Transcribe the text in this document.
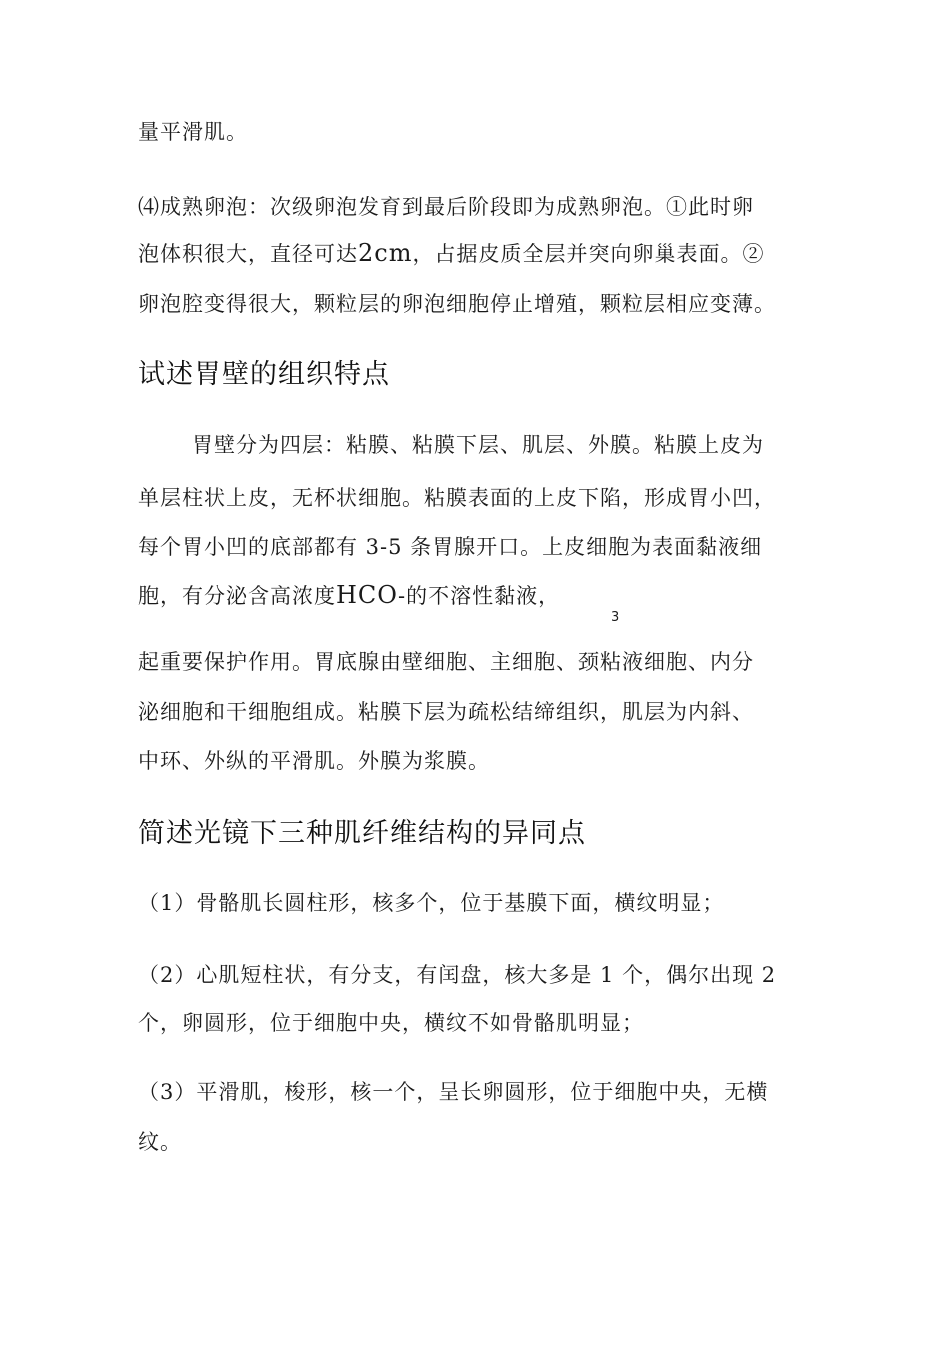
量平滑肌。
⑷成熟卵泡：次级卵泡发育到最后阶段即为成熟卵泡。①此时卵
泡体积很大，直径可达2cm，占据皮质全层并突向卵巢表面。②
卵泡腔变得很大，颗粒层的卵泡细胞停止增殖，颗粒层相应变薄。
试述胃壁的组织特点
胃壁分为四层：粘膜、粘膜下层、肌层、外膜。粘膜上皮为
单层柱状上皮，无杯状细胞。粘膜表面的上皮下陷，形成胃小凹，
每个胃小凹的底部都有 3-5 条胃腺开口。上皮细胞为表面黏液细
胞，有分泌含高浓度HCO-的不溶性黏液，
3
起重要保护作用。胃底腺由壁细胞、主细胞、颈粘液细胞、内分
泌细胞和干细胞组成。粘膜下层为疏松结缔组织，肌层为内斜、
中环、外纵的平滑肌。外膜为浆膜。
简述光镜下三种肌纤维结构的异同点
（1）骨骼肌长圆柱形，核多个，位于基膜下面，横纹明显；
（2）心肌短柱状，有分支，有闰盘，核大多是 1 个，偶尔出现 2
个，卵圆形，位于细胞中央，横纹不如骨骼肌明显；
（3）平滑肌，梭形，核一个，呈长卵圆形，位于细胞中央，无横
纹。
